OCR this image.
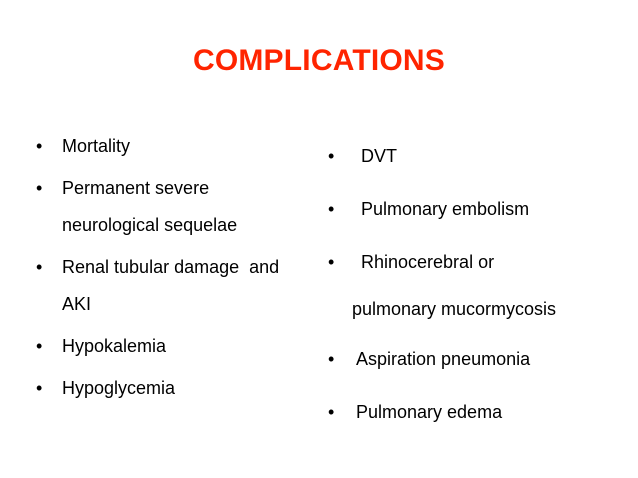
COMPLICATIONS
• Mortality
• Permanent severe
neurological sequelae
• Renal tubular damage  and
AKI
• Hypokalemia
• Hypoglycemia
• DVT
• Pulmonary embolism
• Rhinocerebral or
pulmonary mucormycosis
• Aspiration pneumonia
• Pulmonary edema
